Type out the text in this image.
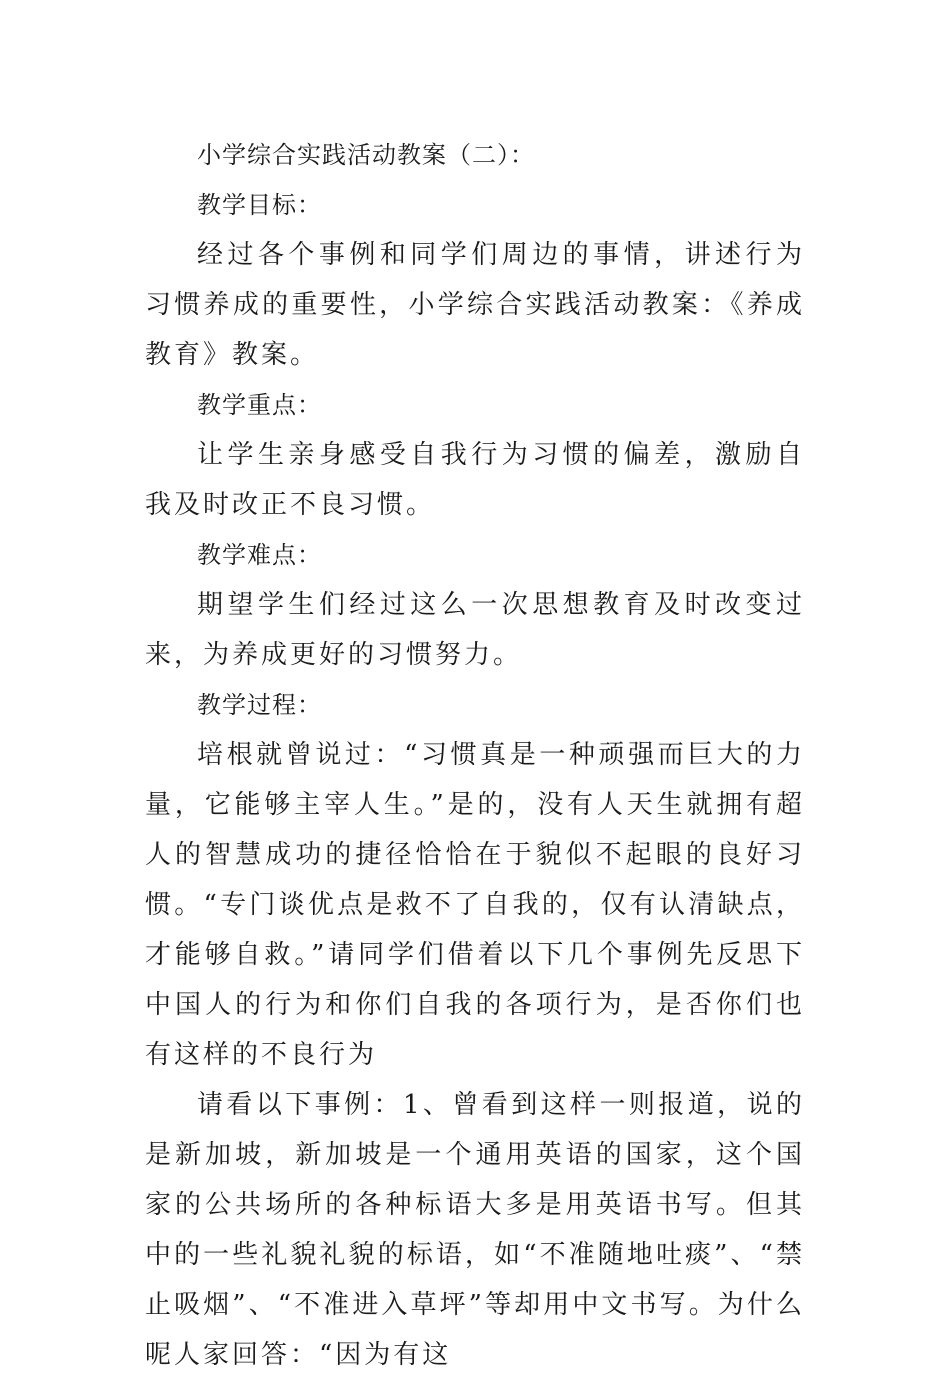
小学综合实践活动教案（二）：
教学目标：

经过各个事例和同学们周边的事情，讲述行为习惯养成的重要性，小学综合实践活动教案：《养成教育》教案。

教学重点：

让学生亲身感受自我行为习惯的偏差，激励自我及时改正不良习惯。

教学难点：

期望学生们经过这么一次思想教育及时改变过来，为养成更好的习惯努力。

教学过程：

培根就曾说过：“习惯真是一种顽强而巨大的力量，它能够主宰人生。”是的，没有人天生就拥有超人的智慧成功的捷径恰恰在于貌似不起眼的良好习惯。“专门谈优点是救不了自我的，仅有认清缺点，才能够自救。”请同学们借着以下几个事例先反思下中国人的行为和你们自我的各项行为，是否你们也有这样的不良行为

请看以下事例：1、曾看到这样一则报道，说的是新加坡，新加坡是一个通用英语的国家，这个国家的公共场所的各种标语大多是用英语书写。但其中的一些礼貌礼貌的标语，如“不准随地吐痰”、“禁止吸烟”、“不准进入草坪”等却用中文书写。为什么呢人家回答：“因为有这
